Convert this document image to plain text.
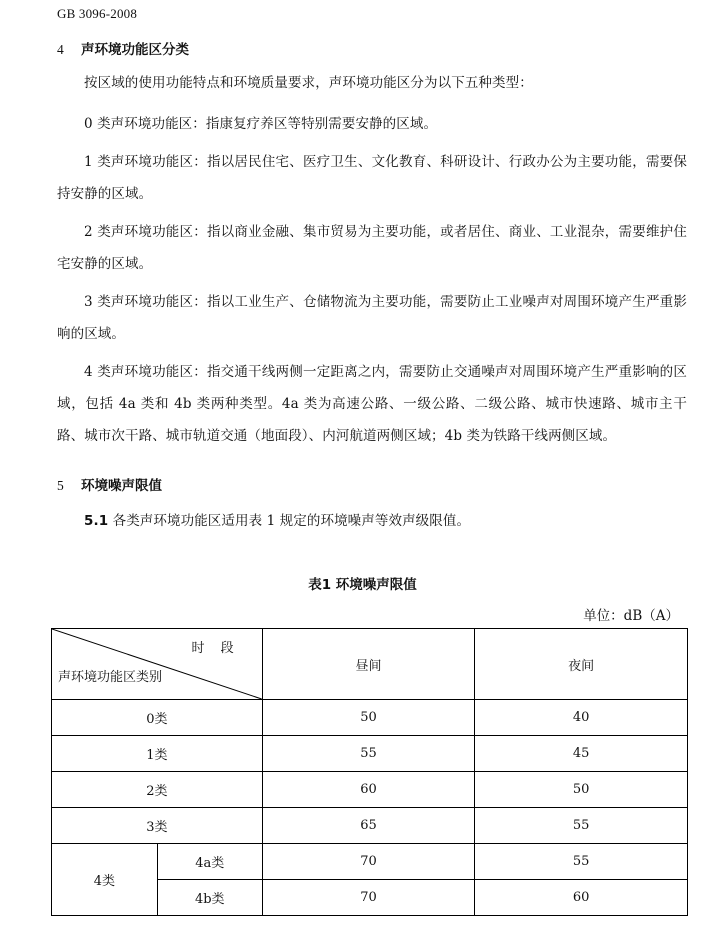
GB 3096-2008
4 声环境功能区分类
按区域的使用功能特点和环境质量要求，声环境功能区分为以下五种类型：
0 类声环境功能区：指康复疗养区等特别需要安静的区域。
1 类声环境功能区：指以居民住宅、医疗卫生、文化教育、科研设计、行政办公为主要功能，需要保持安静的区域。
2 类声环境功能区：指以商业金融、集市贸易为主要功能，或者居住、商业、工业混杂，需要维护住宅安静的区域。
3 类声环境功能区：指以工业生产、仓储物流为主要功能，需要防止工业噪声对周围环境产生严重影响的区域。
4 类声环境功能区：指交通干线两侧一定距离之内，需要防止交通噪声对周围环境产生严重影响的区域，包括 4a 类和 4b 类两种类型。4a 类为高速公路、一级公路、二级公路、城市快速路、城市主干路、城市次干路、城市轨道交通（地面段）、内河航道两侧区域；4b 类为铁路干线两侧区域。
5 环境噪声限值
5.1 各类声环境功能区适用表 1 规定的环境噪声等效声级限值。
表1 环境噪声限值
单位：dB（A）
时 段
声环境功能区类别		昼间	夜间
0类		50	40
1类		55	45
2类		60	50
3类		65	55
4类	4a类	70	55
	4b类	70	60
